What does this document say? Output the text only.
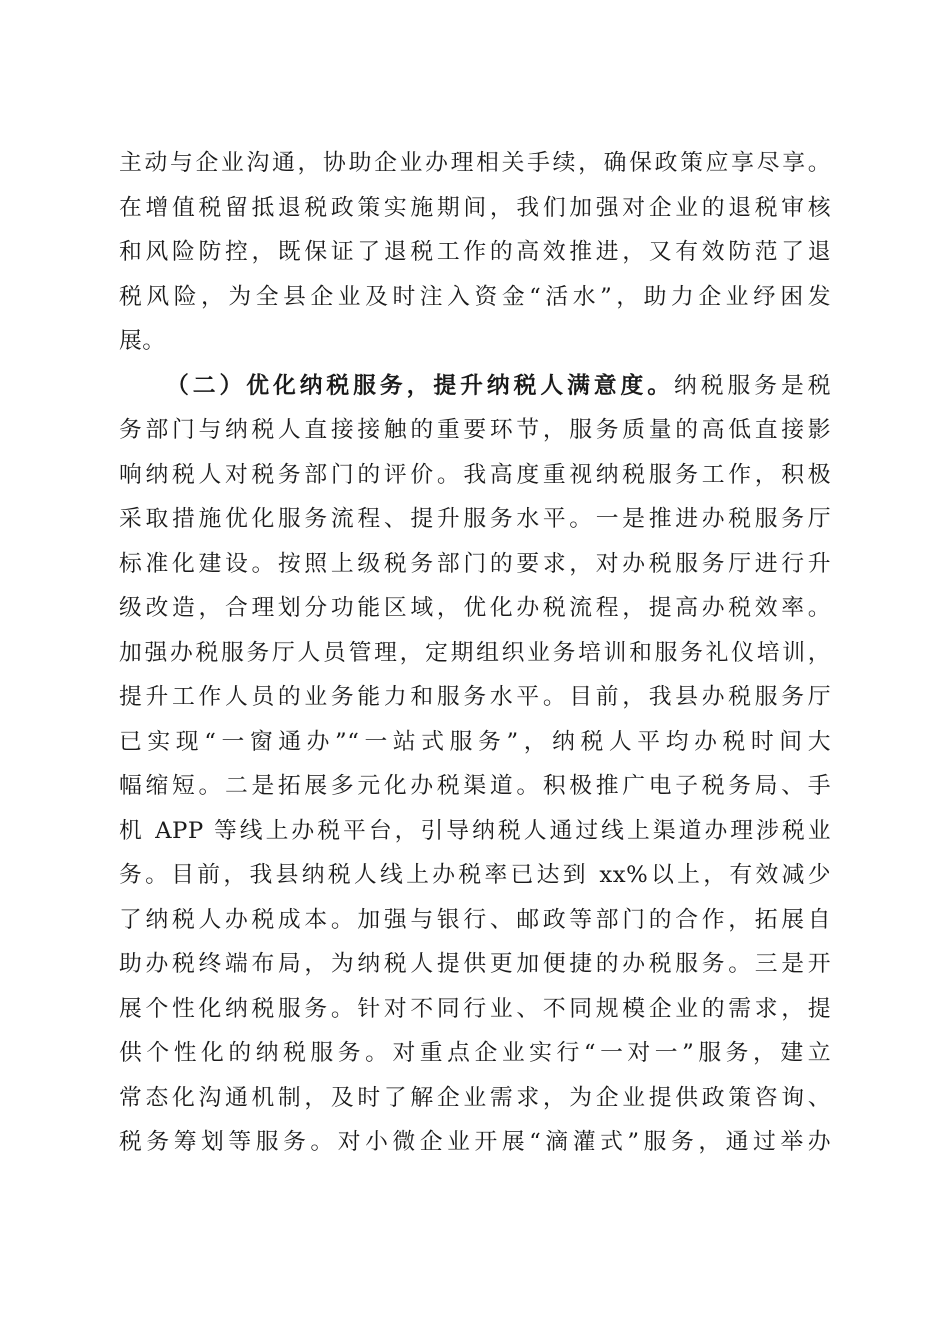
主动与企业沟通，协助企业办理相关手续，确保政策应享尽享。
在增值税留抵退税政策实施期间，我们加强对企业的退税审核
和风险防控，既保证了退税工作的高效推进，又有效防范了退
税风险，为全县企业及时注入资金“活水”，助力企业纾困发
展。
（二）优化纳税服务，提升纳税人满意度。纳税服务是税
务部门与纳税人直接接触的重要环节，服务质量的高低直接影
响纳税人对税务部门的评价。我高度重视纳税服务工作，积极
采取措施优化服务流程、提升服务水平。一是推进办税服务厅
标准化建设。按照上级税务部门的要求，对办税服务厅进行升
级改造，合理划分功能区域，优化办税流程，提高办税效率。
加强办税服务厅人员管理，定期组织业务培训和服务礼仪培训，
提升工作人员的业务能力和服务水平。目前，我县办税服务厅
已实现“一窗通办”“一站式服务”，纳税人平均办税时间大
幅缩短。二是拓展多元化办税渠道。积极推广电子税务局、手
机 APP 等线上办税平台，引导纳税人通过线上渠道办理涉税业
务。目前，我县纳税人线上办税率已达到 xx%以上，有效减少
了纳税人办税成本。加强与银行、邮政等部门的合作，拓展自
助办税终端布局，为纳税人提供更加便捷的办税服务。三是开
展个性化纳税服务。针对不同行业、不同规模企业的需求，提
供个性化的纳税服务。对重点企业实行“一对一”服务，建立
常态化沟通机制，及时了解企业需求，为企业提供政策咨询、
税务筹划等服务。对小微企业开展“滴灌式”服务，通过举办
